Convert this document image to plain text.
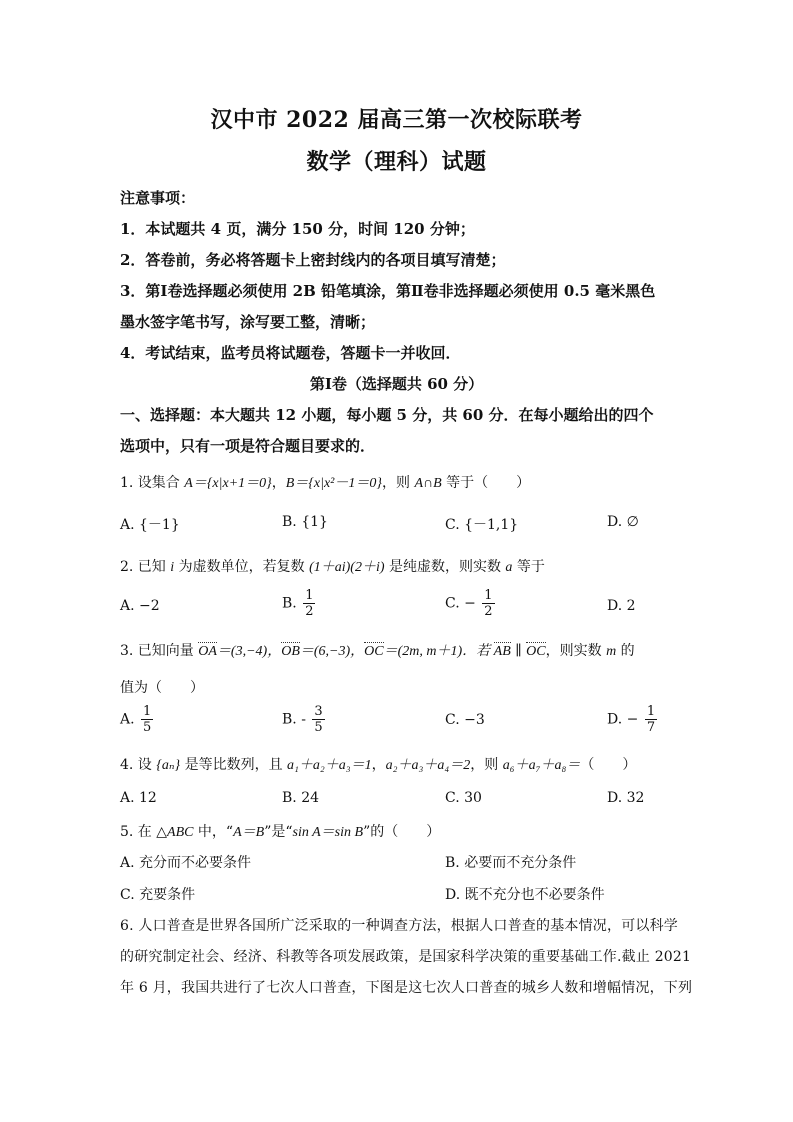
汉中市 2022 届高三第一次校际联考
数学（理科）试题
注意事项：
1．本试题共 4 页，满分 150 分，时间 120 分钟；
2．答卷前，务必将答题卡上密封线内的各项目填写清楚；
3．第Ⅰ卷选择题必须使用 2B 铅笔填涂，第Ⅱ卷非选择题必须使用 0.5 毫米黑色
墨水签字笔书写，涂写要工整，清晰；
4．考试结束，监考员将试题卷，答题卡一并收回．
第Ⅰ卷（选择题共 60 分）
一、选择题：本大题共 12 小题，每小题 5 分，共 60 分．在每小题给出的四个
选项中，只有一项是符合题目要求的．
1. 设集合 A＝{x|x+1＝0}，B＝{x|x²－1＝0}，则 A∩B 等于（　　）
A. {－1}	B. {1}	C. {－1,1}	D. ∅
2. 已知 i 为虚数单位，若复数 (1＋ai)(2＋i) 是纯虚数，则实数 a 等于
A. −2	B. $\frac{1}{2}$	C. − $\frac{1}{2}$	D. 2
3. 已知向量 OA＝(3,−4)，OB＝(6,−3)，OC＝(2m, m＋1)．若 AB ∥ OC，则实数 m 的
值为（　　）
A. $\frac{1}{5}$	B. - $\frac{3}{5}$	C. −3	D. − $\frac{1}{7}$
4. 设 {aₙ} 是等比数列，且 a₁＋a₂＋a₃＝1，a₂＋a₃＋a₄＝2，则 a₆＋a₇＋a₈＝（　　）
A. 12	B. 24	C. 30	D. 32
5. 在 △ABC 中，“A＝B”是“sin A＝sin B”的（　　）
A. 充分而不必要条件	B. 必要而不充分条件
C. 充要条件	D. 既不充分也不必要条件
6. 人口普查是世界各国所广泛采取的一种调查方法，根据人口普查的基本情况，可以科学
的研究制定社会、经济、科教等各项发展政策，是国家科学决策的重要基础工作.截止 2021
年 6 月，我国共进行了七次人口普查，下图是这七次人口普查的城乡人数和增幅情况，下列
